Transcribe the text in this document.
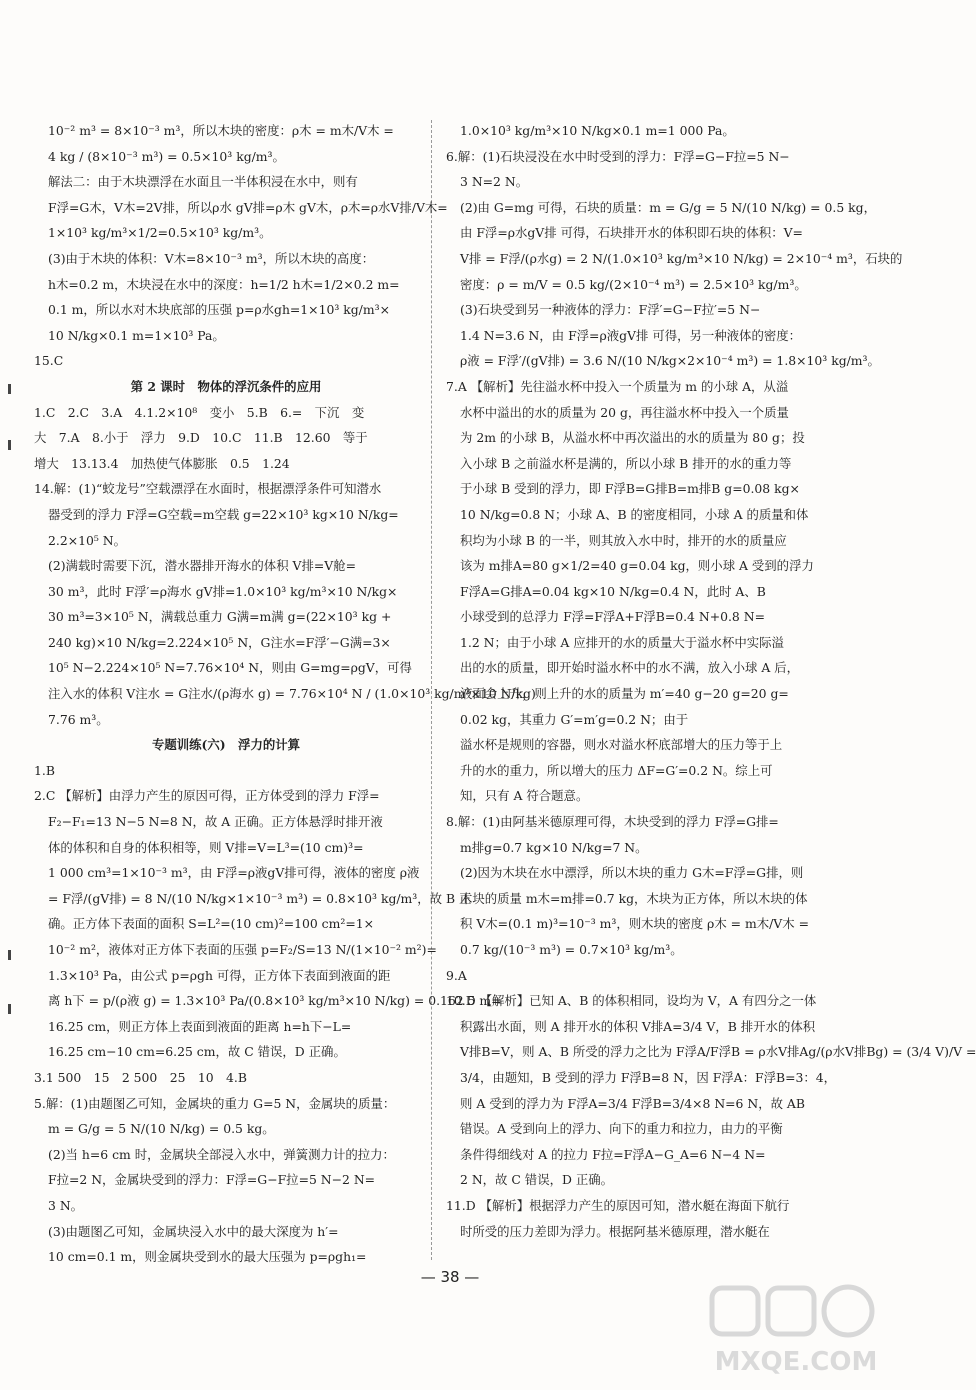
10⁻² m³ = 8×10⁻³ m³，所以木块的密度：ρ木 = m木/V木 =
4 kg / (8×10⁻³ m³) = 0.5×10³ kg/m³。
解法二：由于木块漂浮在水面且一半体积浸在水中，则有
F浮=G木，V木=2V排，所以ρ水 gV排=ρ木 gV木，ρ木=ρ水V排/V木=
1×10³ kg/m³×1/2=0.5×10³ kg/m³。
(3)由于木块的体积：V木=8×10⁻³ m³，所以木块的高度：
h木=0.2 m，木块浸在水中的深度：h=1/2 h木=1/2×0.2 m=
0.1 m，所以水对木块底部的压强 p=ρ水gh=1×10³ kg/m³×
10 N/kg×0.1 m=1×10³ Pa。
15.C
第 2 课时　物体的浮沉条件的应用
1.C　2.C　3.A　4.1.2×10⁸　变小　5.B　6.=　下沉　变
大　7.A　8.小于　浮力　9.D　10.C　11.B　12.60　等于
增大　13.13.4　加热使气体膨胀　0.5　1.24
14.解：(1)“蛟龙号”空载漂浮在水面时，根据漂浮条件可知潜水
器受到的浮力 F浮=G空载=m空载 g=22×10³ kg×10 N/kg=
2.2×10⁵ N。
(2)满载时需要下沉，潜水器排开海水的体积 V排=V舱=
30 m³，此时 F浮′=ρ海水 gV排=1.0×10³ kg/m³×10 N/kg×
30 m³=3×10⁵ N，满载总重力 G满=m满 g=(22×10³ kg +
240 kg)×10 N/kg=2.224×10⁵ N，G注水=F浮′−G满=3×
10⁵ N−2.224×10⁵ N=7.76×10⁴ N，则由 G=mg=ρgV，可得
注入水的体积 V注水 = G注水/(ρ海水 g) = 7.76×10⁴ N / (1.0×10³ kg/m³×10 N/kg)
7.76 m³。
专题训练(六)　浮力的计算
1.B
2.C 【解析】由浮力产生的原因可得，正方体受到的浮力 F浮=
F₂−F₁=13 N−5 N=8 N，故 A 正确。正方体悬浮时排开液
体的体积和自身的体积相等，则 V排=V=L³=(10 cm)³=
1 000 cm³=1×10⁻³ m³，由 F浮=ρ液gV排可得，液体的密度 ρ液
= F浮/(gV排) = 8 N/(10 N/kg×1×10⁻³ m³) = 0.8×10³ kg/m³，故 B 正
确。正方体下表面的面积 S=L²=(10 cm)²=100 cm²=1×
10⁻² m²，液体对正方体下表面的压强 p=F₂/S=13 N/(1×10⁻² m²)=
1.3×10³ Pa，由公式 p=ρgh 可得，正方体下表面到液面的距
离 h下 = p/(ρ液 g) = 1.3×10³ Pa/(0.8×10³ kg/m³×10 N/kg) = 0.162 5 m=
16.25 cm，则正方体上表面到液面的距离 h=h下−L=
16.25 cm−10 cm=6.25 cm，故 C 错误，D 正确。
3.1 500　15　2 500　25　10　4.B
5.解：(1)由题图乙可知，金属块的重力 G=5 N，金属块的质量：
m = G/g = 5 N/(10 N/kg) = 0.5 kg。
(2)当 h=6 cm 时，金属块全部浸入水中，弹簧测力计的拉力：
F拉=2 N，金属块受到的浮力：F浮=G−F拉=5 N−2 N=
3 N。
(3)由题图乙可知，金属块浸入水中的最大深度为 h′=
10 cm=0.1 m，则金属块受到水的最大压强为 p=ρgh₁=
1.0×10³ kg/m³×10 N/kg×0.1 m=1 000 Pa。
6.解：(1)石块浸没在水中时受到的浮力：F浮=G−F拉=5 N−
3 N=2 N。
(2)由 G=mg 可得，石块的质量：m = G/g = 5 N/(10 N/kg) = 0.5 kg，
由 F浮=ρ水gV排 可得，石块排开水的体积即石块的体积：V=
V排 = F浮/(ρ水g) = 2 N/(1.0×10³ kg/m³×10 N/kg) = 2×10⁻⁴ m³，石块的
密度：ρ = m/V = 0.5 kg/(2×10⁻⁴ m³) = 2.5×10³ kg/m³。
(3)石块受到另一种液体的浮力：F浮′=G−F拉′=5 N−
1.4 N=3.6 N，由 F浮=ρ液gV排 可得，另一种液体的密度：
ρ液 = F浮′/(gV排) = 3.6 N/(10 N/kg×2×10⁻⁴ m³) = 1.8×10³ kg/m³。
7.A 【解析】先往溢水杯中投入一个质量为 m 的小球 A，从溢
水杯中溢出的水的质量为 20 g，再往溢水杯中投入一个质量
为 2m 的小球 B，从溢水杯中再次溢出的水的质量为 80 g；投
入小球 B 之前溢水杯是满的，所以小球 B 排开的水的重力等
于小球 B 受到的浮力，即 F浮B=G排B=m排B g=0.08 kg×
10 N/kg=0.8 N；小球 A、B 的密度相同，小球 A 的质量和体
积均为小球 B 的一半，则其放入水中时，排开的水的质量应
该为 m排A=80 g×1/2=40 g=0.04 kg，则小球 A 受到的浮力
F浮A=G排A=0.04 kg×10 N/kg=0.4 N，此时 A、B
小球受到的总浮力 F浮=F浮A+F浮B=0.4 N+0.8 N=
1.2 N；由于小球 A 应排开的水的质量大于溢水杯中实际溢
出的水的质量，即开始时溢水杯中的水不满，放入小球 A 后，
液面会上升，则上升的水的质量为 m′=40 g−20 g=20 g=
0.02 kg，其重力 G′=m′g=0.2 N；由于
溢水杯是规则的容器，则水对溢水杯底部增大的压力等于上
升的水的重力，所以增大的压力 ΔF=G′=0.2 N。综上可
知，只有 A 符合题意。
8.解：(1)由阿基米德原理可得，木块受到的浮力 F浮=G排=
m排g=0.7 kg×10 N/kg=7 N。
(2)因为木块在水中漂浮，所以木块的重力 G木=F浮=G排，则
木块的质量 m木=m排=0.7 kg，木块为正方体，所以木块的体
积 V木=(0.1 m)³=10⁻³ m³，则木块的密度 ρ木 = m木/V木 =
0.7 kg/(10⁻³ m³) = 0.7×10³ kg/m³。
9.A
10.D 【解析】已知 A、B 的体积相同，设均为 V，A 有四分之一体
积露出水面，则 A 排开水的体积 V排A=3/4 V，B 排开水的体积
V排B=V，则 A、B 所受的浮力之比为 F浮A/F浮B = ρ水V排Ag/(ρ水V排Bg) = (3/4 V)/V =
3/4，由题知，B 受到的浮力 F浮B=8 N，因 F浮A：F浮B=3：4，
则 A 受到的浮力为 F浮A=3/4 F浮B=3/4×8 N=6 N，故 AB
错误。A 受到向上的浮力、向下的重力和拉力，由力的平衡
条件得细线对 A 的拉力 F拉=F浮A−G_A=6 N−4 N=
2 N，故 C 错误，D 正确。
11.D 【解析】根据浮力产生的原因可知，潜水艇在海面下航行
时所受的压力差即为浮力。根据阿基米德原理，潜水艇在
— 38 —
MXQE.COM
